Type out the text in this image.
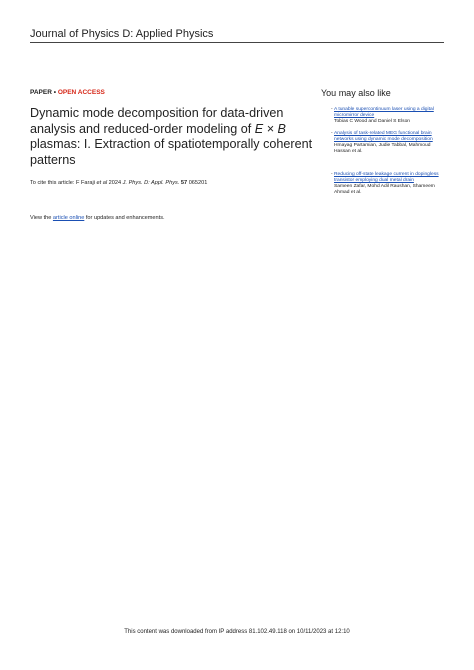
Journal of Physics D: Applied Physics
PAPER • OPEN ACCESS
Dynamic mode decomposition for data-driven analysis and reduced-order modeling of E × B plasmas: I. Extraction of spatiotemporally coherent patterns
To cite this article: F Faraji et al 2024 J. Phys. D: Appl. Phys. 57 065201
View the article online for updates and enhancements.
You may also like
- A tunable supercontinuum laser using a digital micromirror device
Tobias C Wood and Daniel S Elson
- Analysis of task-related MEG functional brain networks using dynamic mode decomposition
Hmayag Partamian, Judie Tabbal, Mahmoud Hassan et al.
- Reducing off-state leakage current in dopingless transistor employing dual metal drain
Sameen Zafar, Mohd Adil Raushan, Shameem Ahmad et al.
This content was downloaded from IP address 81.102.49.118 on 10/11/2023 at 12:10
